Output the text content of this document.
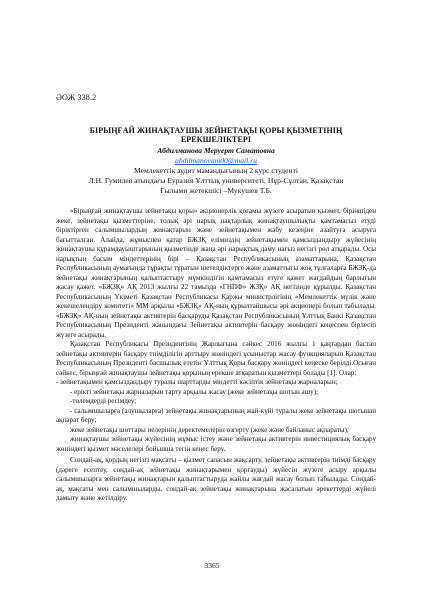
ӘОЖ 338.2
БІРЫҢҒАЙ ЖИНАҚТАУШЫ ЗЕЙНЕТАҚЫ ҚОРЫ ҚЫЗМЕТІНІҢ ЕРЕКШЕЛІКТЕРІ
Абдилманова Меруерт Саматовна
abdilmanovam00@mail.ru
Мемлекеттік аудит мамандығының 2 курс студенті
Л.Н. Гумилев атындағы Еуразия Ұлттық университеті, Нұр-Сұлтан, Қазақстан
Ғылыми жетекшісі –Мукушев Т.Б.

«Бірыңғай жинақтаушы зейнетақы қоры» акционерлік қоғамы жүзеге асыратын қызмет, біріншіден жеке, зейнетақы қызметтеріне, толық әрі нарық нақтарлық жинақтаушылықты қамтамасыз етуді біріктірген салымшылардың жинақтарын және зейнетақымен жабу кезеңіне азайтуға асыруға бағытталған. Алайда, жұмыспен қатар БЖЗҚ елімиздің зейнетақымен қамсыздандыру жүйесінің жинақтаушы құрамдауыштарының қызметінде жаңа әрі нарықтық даму нағыз негізгі рөл атқарады. Осы нарықтың басым міндеттерінің бірі – Қазақстан Республикасының азаматтарына, Қазақстан Республикасының аумағында тұрақты тұратын шетелдіктерге және азаматтығы жоқ тұлғаларға БЖЗҚ-да зейнетақы жинақтарының қалыптастыру мүмкіндігін қамтамасыз етуге қажет жағдайдың барлығын жасау қажет. «БЖЗҚ» АҚ 2013 жылғы 22 тамызда «ГНПФ» ЖЗҚ» АҚ негізінде құрылды. Қазақстан Республикасының Үкіметі Қазақстан Республикасы Қаржы министрлігінің «Мемлекеттік мүлік және жекешелендіру комитеті» ММ арқылы «БЖЗҚ» АҚ-ның құрылтайшысы әрі акционері болып табылады. «БЖЗҚ» АҚ-ның зейнетақы активтерін басқаруды Қазақстан Республикасының Ұлттық Банкі Қазақстан Республикасының Президенті жанындағы Зейнетақы активтерін басқару жөніндегі кеңеспен бірлесіп жүзеге асырады.

Қазақстан Республикасы Президентінің Жарлығына сәйкес 2016 жылғы 1 қаңтардан бастап зейнетақы активтерін басқару тиімділігін арттыру жөніндегі ұсыныстар жасау функцияларын Қазақстан Республикасының Президенті басшылық ететін Ұлттық Қоры басқару жөніндегі кеңеске берілді.Осыған сәйкес, бірыңғай жинақтаушы зейнетақы қорының ерекше атқаратын қызметтері болады [1]. Олар:

- зейнетақымен қамсыздандыру туралы шарттарды міндетті кәсіптік зейнетақы жарналарын;

- ерікті зейнетақы жарналарын тарту арқылы жасау (жеке зейнетақы шотын ашу);

-төлемдерді ресімдеу;

- салымшыларға (алушыларға) зейнетақы жинақтарының жай-күйі туралы жеке зейнетақы шотынан ақпарат беру;

жеке зейнетақы шоттары иелерінің деректемелерін өзгерту (жеке және байланыс ақпараты);

жинақтаушы зейнетақы жүйесінің жұмыс істеу және зейнетақы активтерін инвестициялық басқару жөніндегі қызмет мәселелері бойынша тегін кеңес беру.

Сондай-ақ, қордың негізгі мақсаты – қызмет сапасын жақсарту, зейнетақы активтерін тиімді басқару (дәреге есептеу, сондай-ақ зейнетақы жинақтарымен қорғауды) жүйесін жүзеге асыру арқылы салымшыларға зейнетақы жинақтарын қалыптастыруда жайлы жағдай жасау болып табылады. Сондай-ақ, мақсаты мен салымшыларды, сондай-ақ зейнетақы жинақтарына жасалатын әрекеттерді жүйелі дамыту және жетілдіру.

3365
